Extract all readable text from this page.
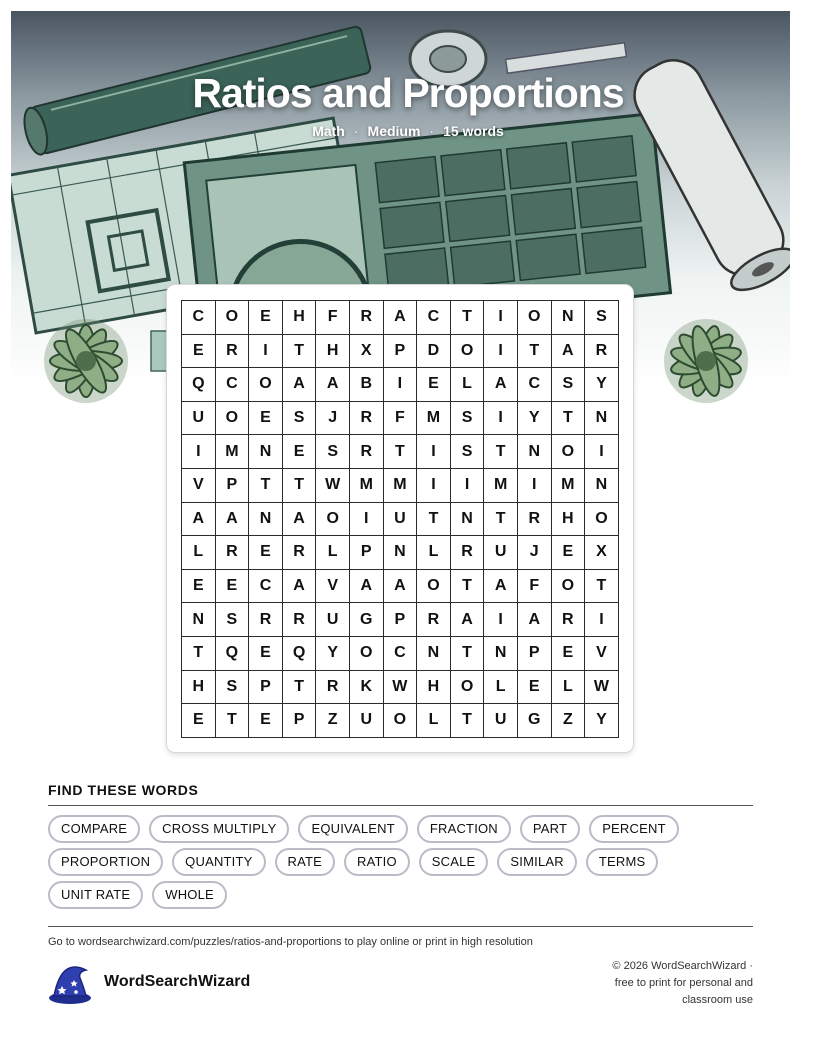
Ratios and Proportions
Math · Medium · 15 words
C	O	E	H	F	R	A	C	T	I	O	N	S
E	R	I	T	H	X	P	D	O	I	T	A	R
Q	C	O	A	A	B	I	E	L	A	C	S	Y
U	O	E	S	J	R	F	M	S	I	Y	T	N
I	M	N	E	S	R	T	I	S	T	N	O	I
V	P	T	T	W	M	M	I	I	M	I	M	N
A	A	N	A	O	I	U	T	N	T	R	H	O
L	R	E	R	L	P	N	L	R	U	J	E	X
E	E	C	A	V	A	A	O	T	A	F	O	T
N	S	R	R	U	G	P	R	A	I	A	R	I
T	Q	E	Q	Y	O	C	N	T	N	P	E	V
H	S	P	T	R	K	W	H	O	L	E	L	W
E	T	E	P	Z	U	O	L	T	U	G	Z	Y
FIND THESE WORDS
COMPARE	CROSS MULTIPLY	EQUIVALENT	FRACTION	PART	PERCENT
PROPORTION	QUANTITY	RATE	RATIO	SCALE	SIMILAR	TERMS
UNIT RATE	WHOLE
Go to wordsearchwizard.com/puzzles/ratios-and-proportions to play online or print in high resolution
WordSearchWizard
© 2026 WordSearchWizard ·
free to print for personal and
classroom use
